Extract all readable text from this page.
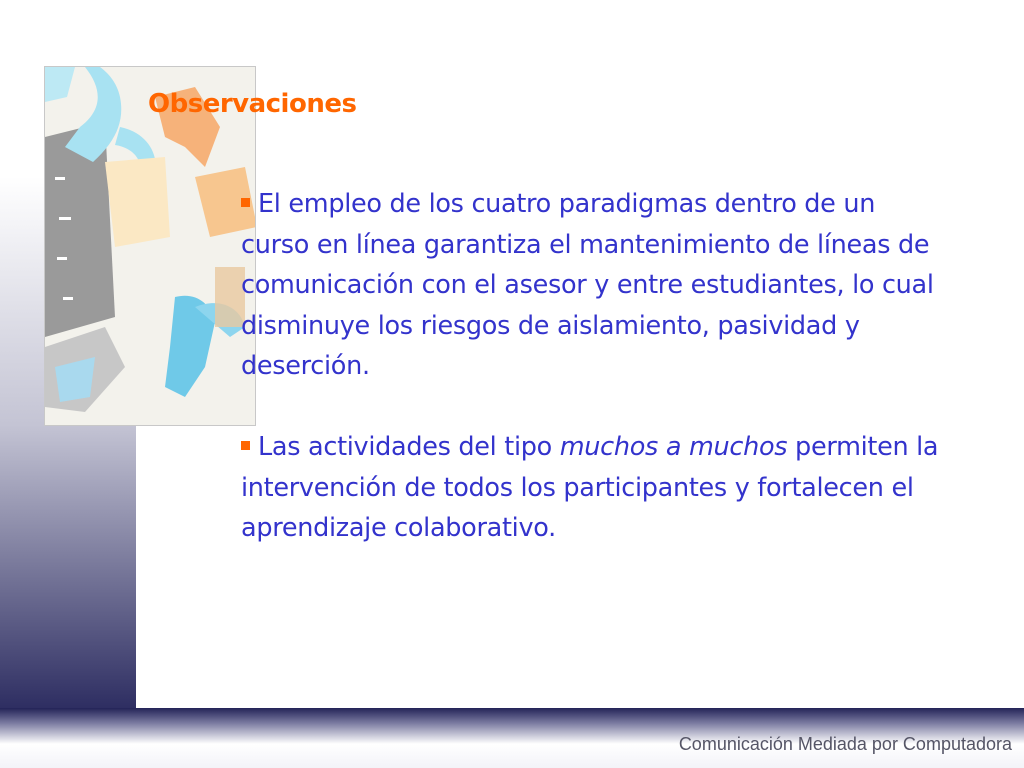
Observaciones

El empleo de los cuatro paradigmas dentro de un curso en línea garantiza el mantenimiento de líneas de comunicación con el asesor y entre estudiantes, lo cual disminuye los riesgos de aislamiento, pasividad y deserción.

Las actividades del tipo muchos a muchos permiten la intervención de todos los participantes y fortalecen el aprendizaje colaborativo.

Comunicación Mediada por Computadora
